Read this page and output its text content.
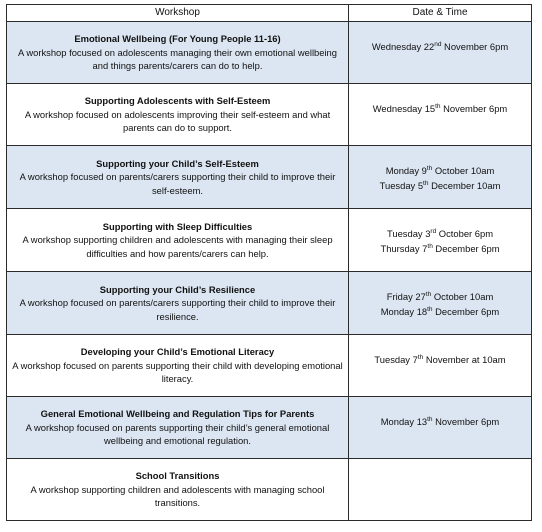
Workshop	Date & Time

Emotional Wellbeing (For Young People 11-16)
A workshop focused on adolescents managing their own emotional wellbeing and things parents/carers can do to help.	Wednesday 22nd November 6pm

Supporting Adolescents with Self-Esteem
A workshop focused on adolescents improving their self-esteem and what parents can do to support.	Wednesday 15th November 6pm

Supporting your Child’s Self-Esteem
A workshop focused on parents/carers supporting their child to improve their self-esteem.	Monday 9th October 10am
Tuesday 5th December 10am

Supporting with Sleep Difficulties
A workshop supporting children and adolescents with managing their sleep difficulties and how parents/carers can help.	Tuesday 3rd October 6pm
Thursday 7th December 6pm

Supporting your Child’s Resilience
A workshop focused on parents/carers supporting their child to improve their resilience.	Friday 27th October 10am
Monday 18th December 6pm

Developing your Child’s Emotional Literacy
A workshop focused on parents supporting their child with developing emotional literacy.	Tuesday 7th November at 10am

General Emotional Wellbeing and Regulation Tips for Parents
A workshop focused on parents supporting their child’s general emotional wellbeing and emotional regulation.	Monday 13th November 6pm

School Transitions
A workshop supporting children and adolescents with managing school transitions.	
